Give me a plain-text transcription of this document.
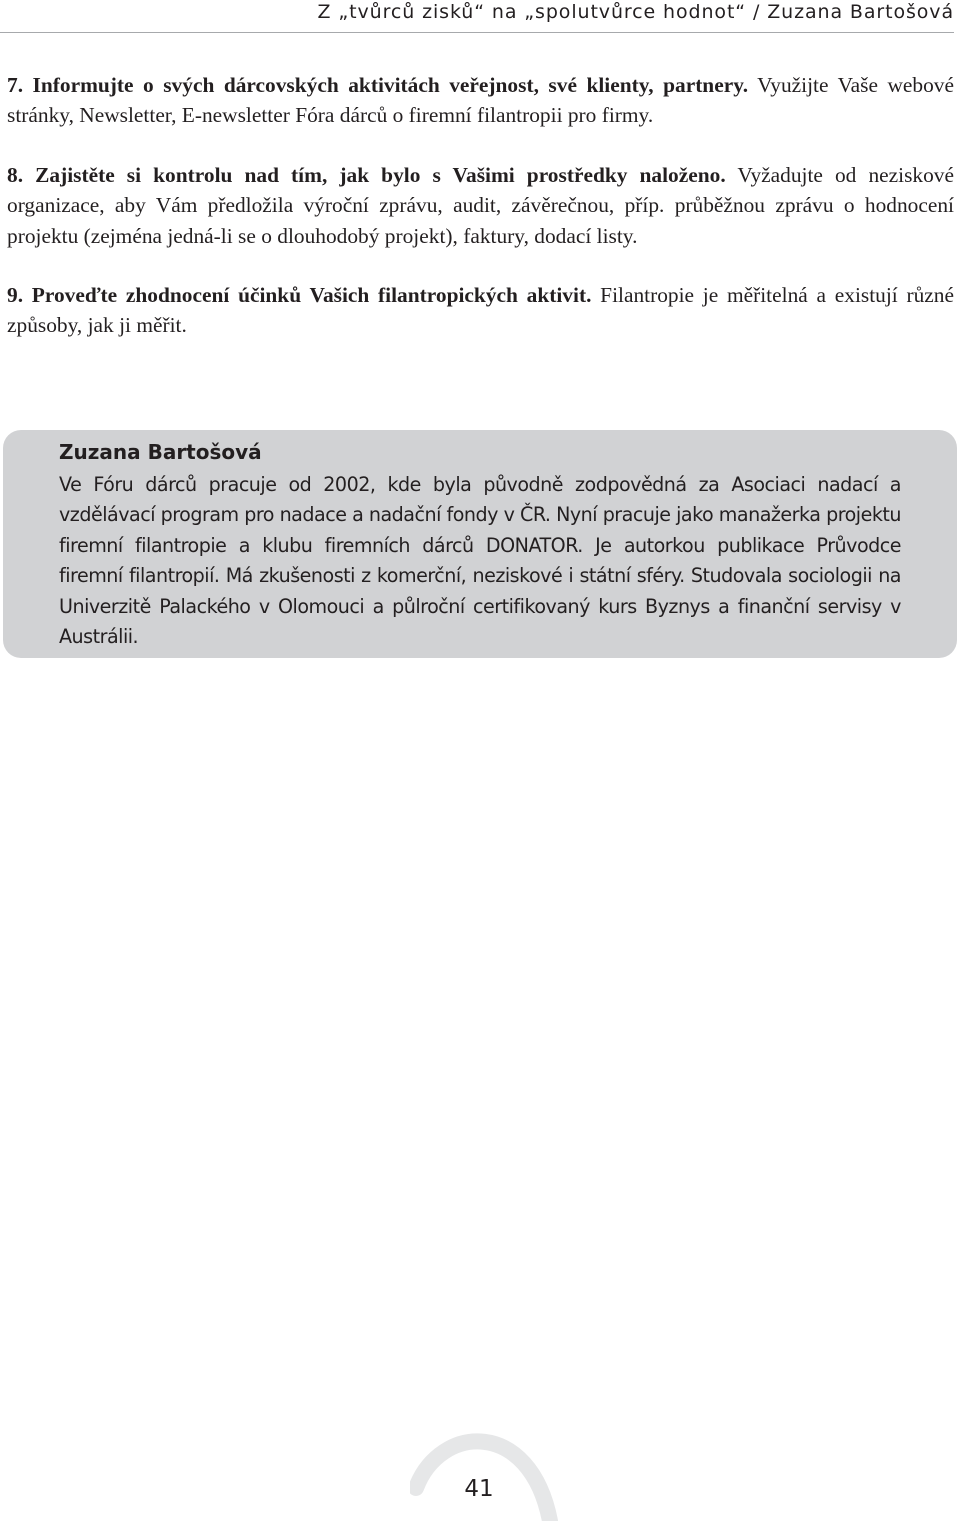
Z „tvůrců zisků“ na „spolutvůrce hodnot“ / Zuzana Bartošová

7. Informujte o svých dárcovských aktivitách veřejnost, své klienty, partnery. Využijte Vaše webové stránky, Newsletter, E-newsletter Fóra dárců o firemní filantropii pro firmy.

8. Zajistěte si kontrolu nad tím, jak bylo s Vašimi prostředky naloženo. Vyžadujte od neziskové organizace, aby Vám předložila výroční zprávu, audit, závěrečnou, příp. průběžnou zprávu o hodnocení projektu (zejména jedná-li se o dlouhodobý projekt), faktury, dodací listy.

9. Proveďte zhodnocení účinků Vašich filantropických aktivit. Filantropie je měřitelná a existují různé způsoby, jak ji měřit.

Zuzana Bartošová
Ve Fóru dárců pracuje od 2002, kde byla původně zodpovědná za Asociaci nadací a vzdělávací program pro nadace a nadační fondy v ČR. Nyní pracuje jako manažerka projektu firemní filantropie a klubu firemních dárců DONATOR. Je autorkou publikace Průvodce firemní filantropií. Má zkušenosti z komerční, neziskové i státní sféry. Studovala sociologii na Univerzitě Palackého v Olomouci a půlroční certifikovaný kurs Byznys a finanční servisy v Austrálii.
41
